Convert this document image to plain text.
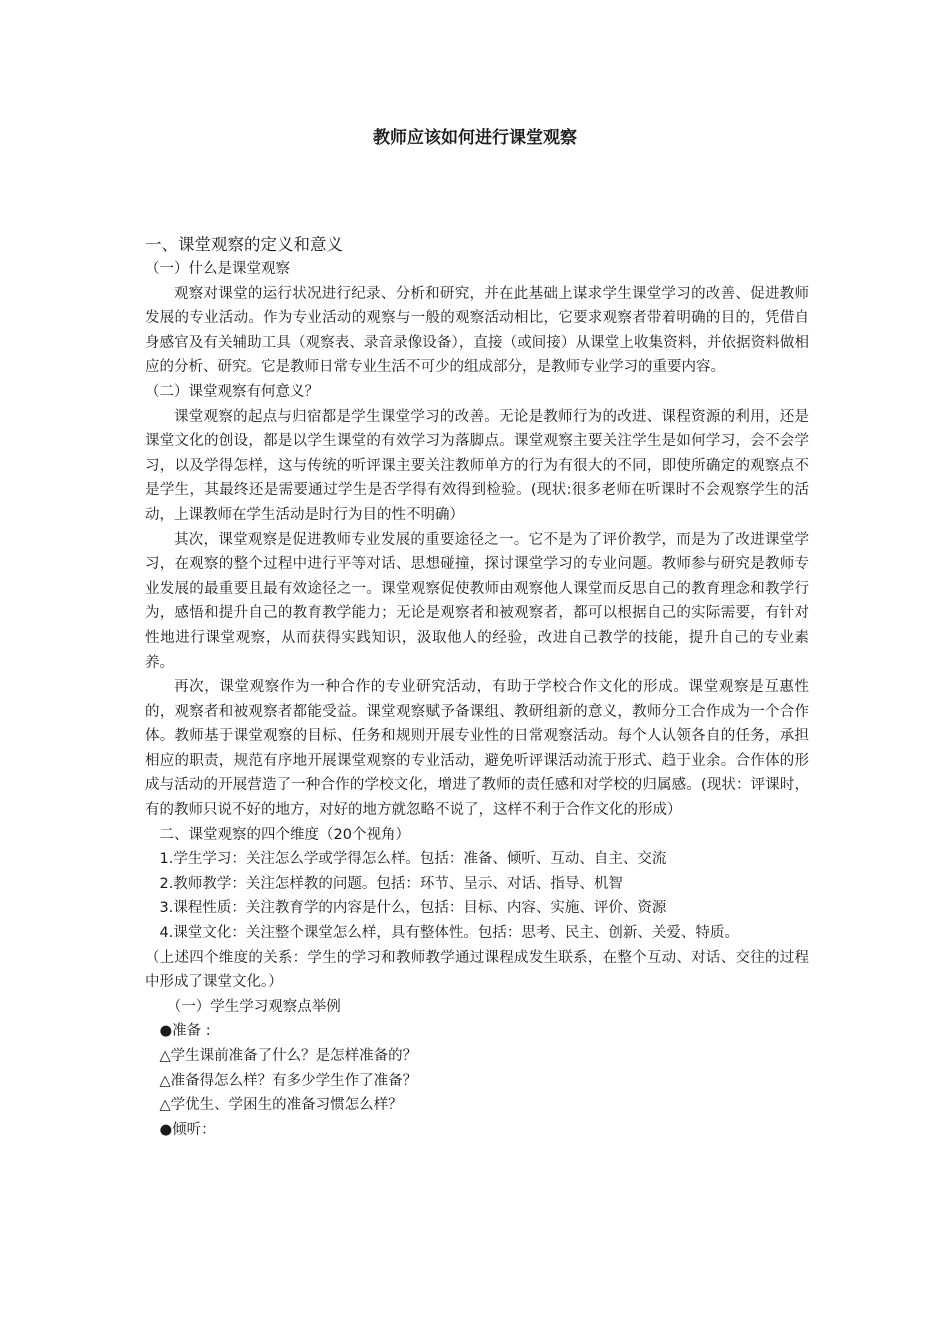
教师应该如何进行课堂观察

一、课堂观察的定义和意义

（一）什么是课堂观察

观察对课堂的运行状况进行纪录、分析和研究，并在此基础上谋求学生课堂学习的改善、促进教师发展的专业活动。作为专业活动的观察与一般的观察活动相比，它要求观察者带着明确的目的，凭借自身感官及有关辅助工具（观察表、录音录像设备），直接（或间接）从课堂上收集资料，并依据资料做相应的分析、研究。它是教师日常专业生活不可少的组成部分，是教师专业学习的重要内容。

（二）课堂观察有何意义？

课堂观察的起点与归宿都是学生课堂学习的改善。无论是教师行为的改进、课程资源的利用，还是课堂文化的创设，都是以学生课堂的有效学习为落脚点。课堂观察主要关注学生是如何学习，会不会学习，以及学得怎样，这与传统的听评课主要关注教师单方的行为有很大的不同，即使所确定的观察点不是学生，其最终还是需要通过学生是否学得有效得到检验。(现状:很多老师在听课时不会观察学生的活动，上课教师在学生活动是时行为目的性不明确）

其次，课堂观察是促进教师专业发展的重要途径之一。它不是为了评价教学，而是为了改进课堂学习，在观察的整个过程中进行平等对话、思想碰撞，探讨课堂学习的专业问题。教师参与研究是教师专业发展的最重要且最有效途径之一。课堂观察促使教师由观察他人课堂而反思自己的教育理念和教学行为，感悟和提升自己的教育教学能力；无论是观察者和被观察者，都可以根据自己的实际需要，有针对性地进行课堂观察，从而获得实践知识，汲取他人的经验，改进自己教学的技能，提升自己的专业素养。

再次，课堂观察作为一种合作的专业研究活动，有助于学校合作文化的形成。课堂观察是互惠性的，观察者和被观察者都能受益。课堂观察赋予备课组、教研组新的意义，教师分工合作成为一个合作体。教师基于课堂观察的目标、任务和规则开展专业性的日常观察活动。每个人认领各自的任务，承担相应的职责，规范有序地开展课堂观察的专业活动，避免听评课活动流于形式、趋于业余。合作体的形成与活动的开展营造了一种合作的学校文化，增进了教师的责任感和对学校的归属感。(现状：评课时，有的教师只说不好的地方，对好的地方就忽略不说了，这样不利于合作文化的形成）

二、课堂观察的四个维度（20个视角）

1.学生学习：关注怎么学或学得怎么样。包括：准备、倾听、互动、自主、交流

2.教师教学：关注怎样教的问题。包括：环节、呈示、对话、指导、机智

3.课程性质：关注教育学的内容是什么，包括：目标、内容、实施、评价、资源

4.课堂文化：关注整个课堂怎么样，具有整体性。包括：思考、民主、创新、关爱、特质。

（上述四个维度的关系：学生的学习和教师教学通过课程成发生联系，在整个互动、对话、交往的过程中形成了课堂文化。）

（一）学生学习观察点举例

●准备 :

△学生课前准备了什么？是怎样准备的？

△准备得怎么样？有多少学生作了准备？

△学优生、学困生的准备习惯怎么样？

●倾听：
